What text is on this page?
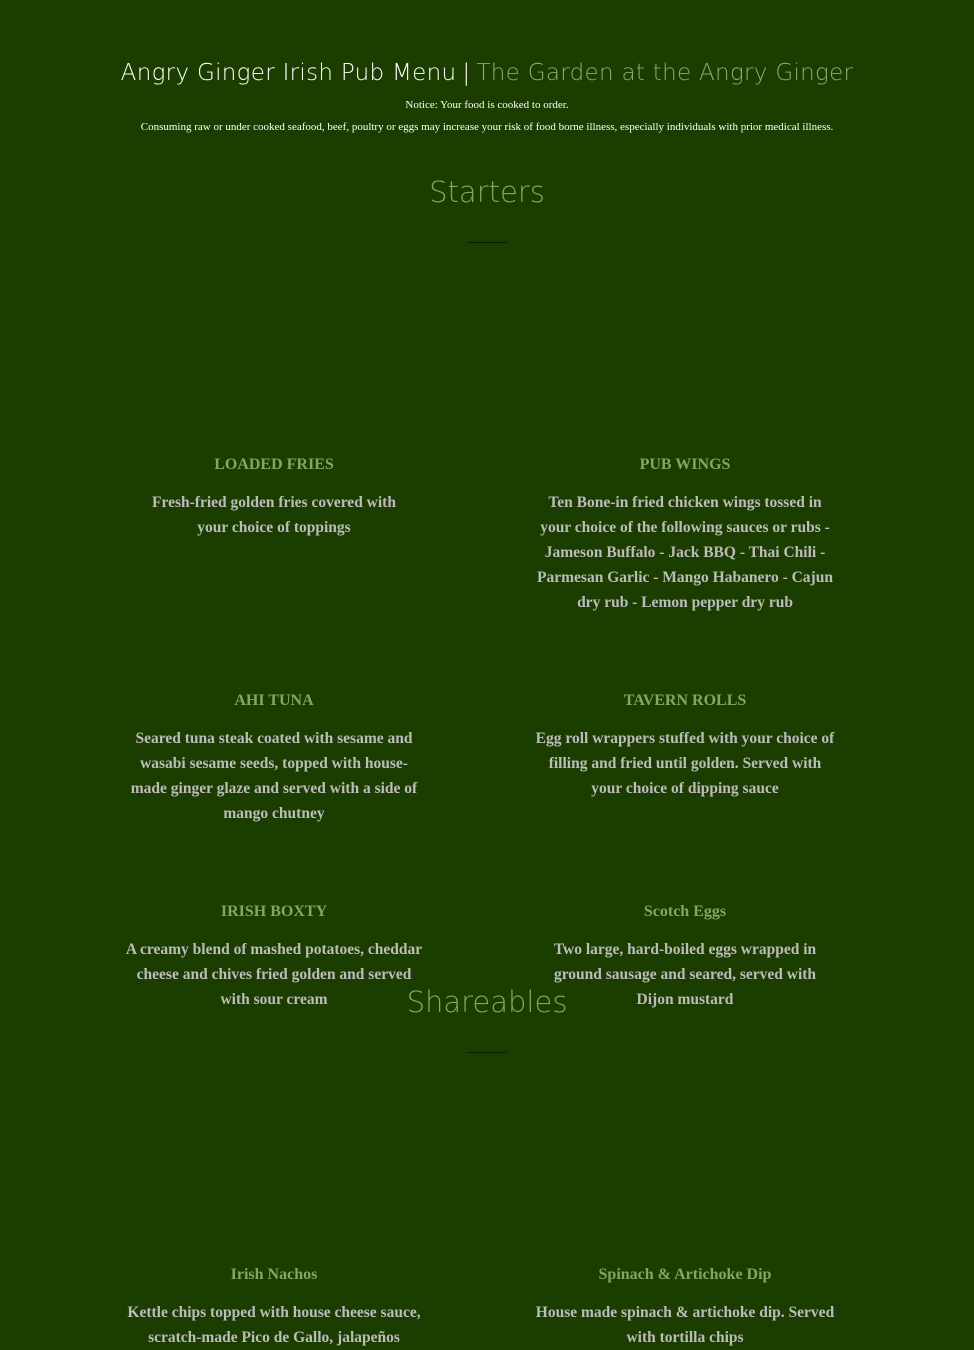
Angry Ginger Irish Pub Menu | The Garden at the Angry Ginger
Notice: Your food is cooked to order.
Consuming raw or under cooked seafood, beef, poultry or eggs may increase your risk of food borne illness, especially individuals with prior medical illness.
Starters
LOADED FRIES

Fresh-fried golden fries covered with your choice of toppings

PUB WINGS

Ten Bone-in fried chicken wings tossed in your choice of the following sauces or rubs - Jameson Buffalo - Jack BBQ - Thai Chili - Parmesan Garlic - Mango Habanero - Cajun dry rub - Lemon pepper dry rub

AHI TUNA

Seared tuna steak coated with sesame and wasabi sesame seeds, topped with house-made ginger glaze and served with a side of mango chutney

TAVERN ROLLS

Egg roll wrappers stuffed with your choice of filling and fried until golden. Served with your choice of dipping sauce

IRISH BOXTY

A creamy blend of mashed potatoes, cheddar cheese and chives fried golden and served with sour cream

Scotch Eggs

Two large, hard-boiled eggs wrapped in ground sausage and seared, served with Dijon mustard

Shareables
Irish Nachos

Kettle chips topped with house cheese sauce, scratch-made Pico de Gallo, jalapeños

Spinach & Artichoke Dip

House made spinach & artichoke dip. Served with tortilla chips
